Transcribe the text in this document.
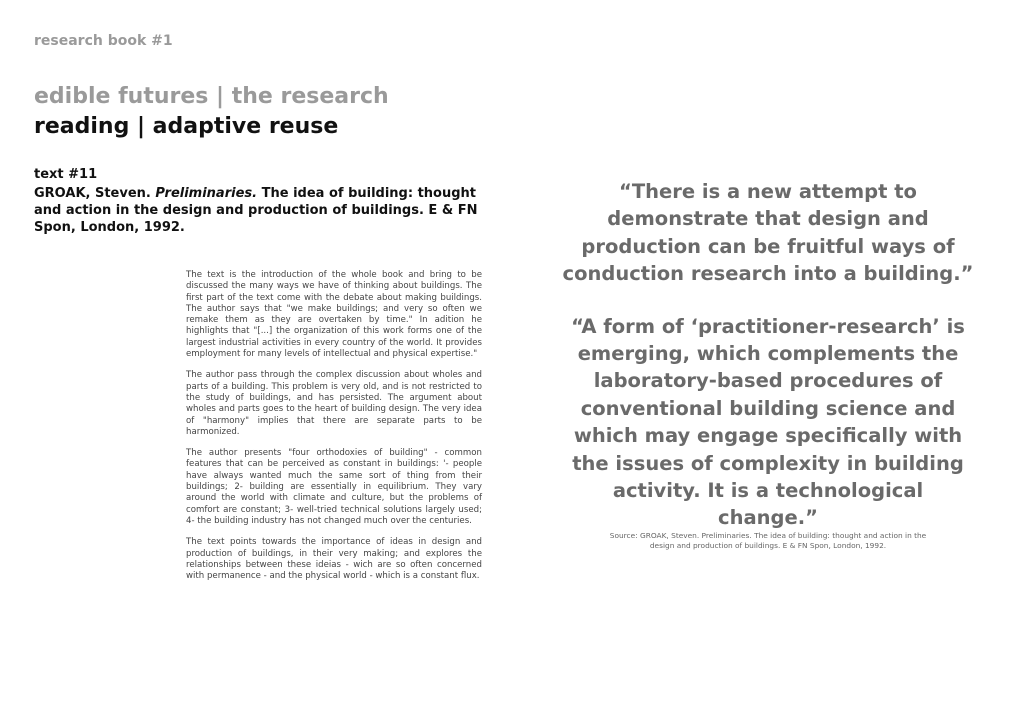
research book #1
edible futures | the research
reading | adaptive reuse
text #11
GROAK, Steven. Preliminaries. The idea of building: thought and action in the design and production of buildings. E & FN Spon, London, 1992.

The text is the introduction of the whole book and bring to be discussed the many ways we have of thinking about buildings. The first part of the text come with the debate about making buildings. The author says that "we make buildings; and very so often we remake them as they are overtaken by time." In adition he highlights that "[...] the organization of this work forms one of the largest industrial activities in every country of the world. It provides employment for many levels of intellectual and physical expertise."

The author pass through the complex discussion about wholes and parts of a building. This problem is very old, and is not restricted to the study of buildings, and has persisted. The argument about wholes and parts goes to the heart of building design. The very idea of "harmony" implies that there are separate parts to be harmonized.

The author presents "four orthodoxies of building" - common features that can be perceived as constant in buildings: '- people have always wanted much the same sort of thing from their buildings; 2- building are essentially in equilibrium. They vary around the world with climate and culture, but the problems of comfort are constant; 3- well-tried technical solutions largely used; 4- the building industry has not changed much over the centuries.

The text points towards the importance of ideas in design and production of buildings, in their very making; and explores the relationships between these ideias - wich are so often concerned with permanence - and the physical world - which is a constant flux.

“There is a new attempt to demonstrate that design and production can be fruitful ways of conduction research into a building.”

“A form of ‘practitioner-research’ is emerging, which complements the laboratory-based procedures of conventional building science and which may engage specifically with the issues of complexity in building activity. It is a technological change.”

Source: GROAK, Steven. Preliminaries. The idea of building: thought and action in the design and production of buildings. E & FN Spon, London, 1992.
